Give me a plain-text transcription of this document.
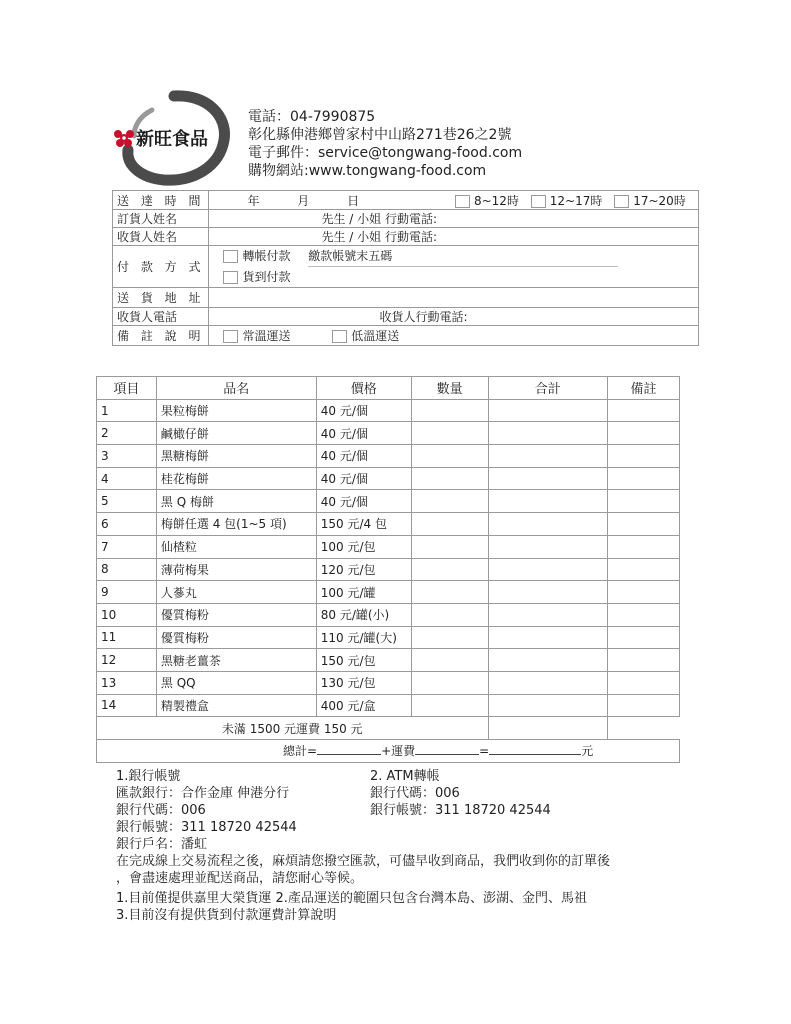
新旺食品
電話：04-7990875
彰化縣伸港鄉曾家村中山路271巷26之2號
電子郵件：service@tongwang-food.com
購物網站:www.tongwang-food.com
送 達 時 間	年 月 日 8~12時 12~17時 17~20時
訂貨人姓名	先生 / 小姐 行動電話:
收貨人姓名	先生 / 小姐 行動電話:
付 款 方 式	轉帳付款 繳款帳號末五碼
貨到付款

送 貨 地 址	
收貨人電話	收貨人行動電話:
備 註 說 明	常溫運送 低溫運送
項目	品名	價格	數量	合計	備註
1	果粒梅餅	40 元/個			
2	鹹橄仔餅	40 元/個			
3	黑糖梅餅	40 元/個			
4	桂花梅餅	40 元/個			
5	黑 Q 梅餅	40 元/個			
6	梅餅任選 4 包(1~5 項)	150 元/4 包			
7	仙楂粒	100 元/包			
8	薄荷梅果	120 元/包			
9	人蔘丸	100 元/罐			
10	優質梅粉	80 元/罐(小)			
11	優質梅粉	110 元/罐(大)			
12	黑糖老薑茶	150 元/包			
13	黑 QQ	130 元/包			
14	精製禮盒	400 元/盒			
未滿 1500 元運費 150 元					
總計= +運費 = 元					
1.銀行帳號	2. ATM轉帳
匯款銀行：合作金庫 伸港分行	銀行代碼：006
銀行代碼：006	銀行帳號：311 18720 42544
銀行帳號：311 18720 42544
銀行戶名：潘虹
在完成線上交易流程之後，麻煩請您撥空匯款，可儘早收到商品，我們收到你的訂單後
，會盡速處理並配送商品，請您耐心等候。
1.目前僅提供嘉里大榮貨運 2.產品運送的範圍只包含台灣本島、澎湖、金門、馬祖
3.目前沒有提供貨到付款運費計算說明
